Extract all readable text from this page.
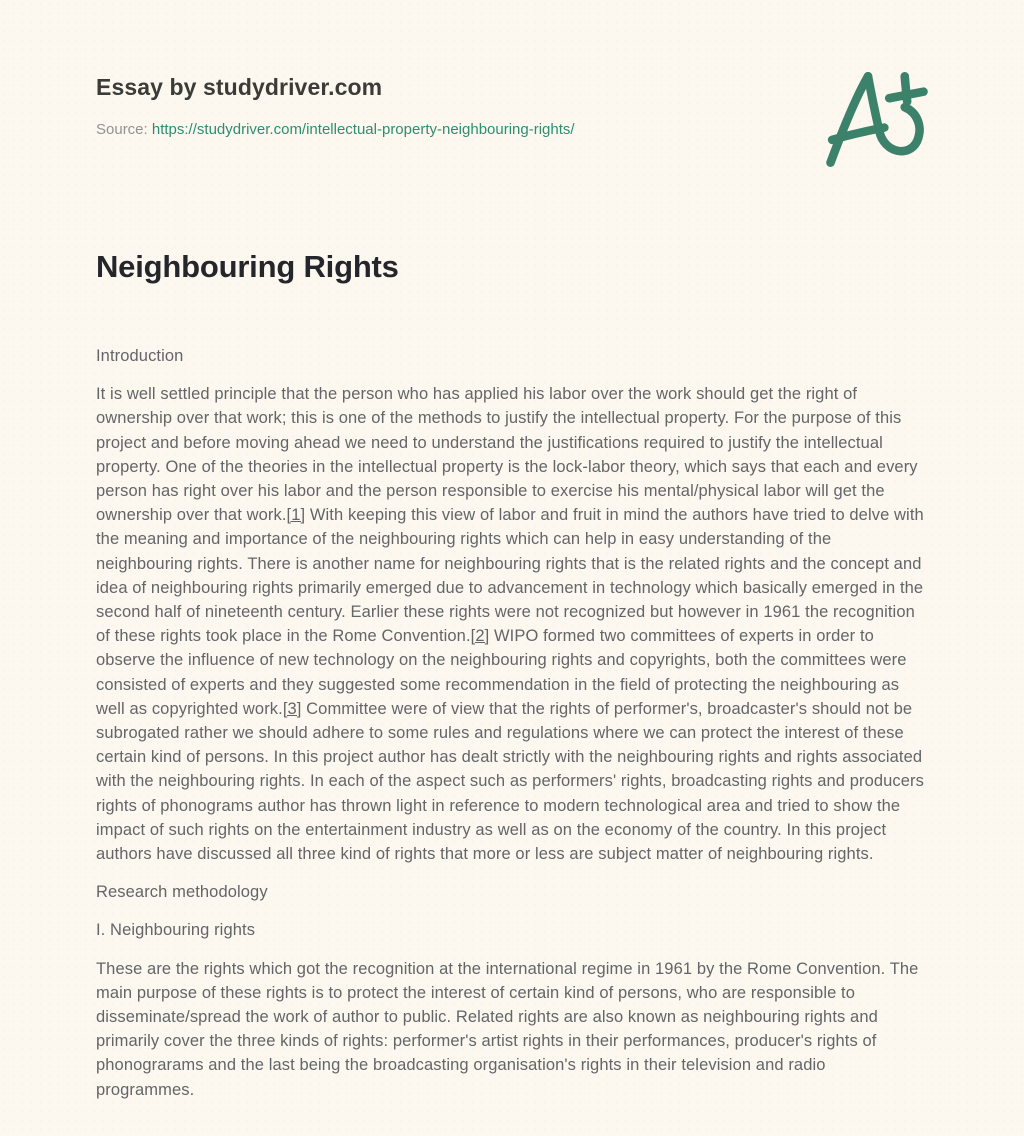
Essay by studydriver.com
Source: https://studydriver.com/intellectual-property-neighbouring-rights/
Neighbouring Rights
Introduction

It is well settled principle that the person who has applied his labor over the work should get the right of ownership over that work; this is one of the methods to justify the intellectual property. For the purpose of this project and before moving ahead we need to understand the justifications required to justify the intellectual property. One of the theories in the intellectual property is the lock-labor theory, which says that each and every person has right over his labor and the person responsible to exercise his mental/physical labor will get the ownership over that work.[1] With keeping this view of labor and fruit in mind the authors have tried to delve with the meaning and importance of the neighbouring rights which can help in easy understanding of the neighbouring rights. There is another name for neighbouring rights that is the related rights and the concept and idea of neighbouring rights primarily emerged due to advancement in technology which basically emerged in the second half of nineteenth century. Earlier these rights were not recognized but however in 1961 the recognition of these rights took place in the Rome Convention.[2] WIPO formed two committees of experts in order to observe the influence of new technology on the neighbouring rights and copyrights, both the committees were consisted of experts and they suggested some recommendation in the field of protecting the neighbouring as well as copyrighted work.[3] Committee were of view that the rights of performer's, broadcaster's should not be subrogated rather we should adhere to some rules and regulations where we can protect the interest of these certain kind of persons. In this project author has dealt strictly with the neighbouring rights and rights associated with the neighbouring rights. In each of the aspect such as performers' rights, broadcasting rights and producers rights of phonograms author has thrown light in reference to modern technological area and tried to show the impact of such rights on the entertainment industry as well as on the economy of the country. In this project authors have discussed all three kind of rights that more or less are subject matter of neighbouring rights.

Research methodology
I. Neighbouring rights

These are the rights which got the recognition at the international regime in 1961 by the Rome Convention. The main purpose of these rights is to protect the interest of certain kind of persons, who are responsible to disseminate/spread the work of author to public. Related rights are also known as neighbouring rights and primarily cover the three kinds of rights: performer's artist rights in their performances, producer's rights of phonograrams and the last being the broadcasting organisation's rights in their television and radio programmes.
